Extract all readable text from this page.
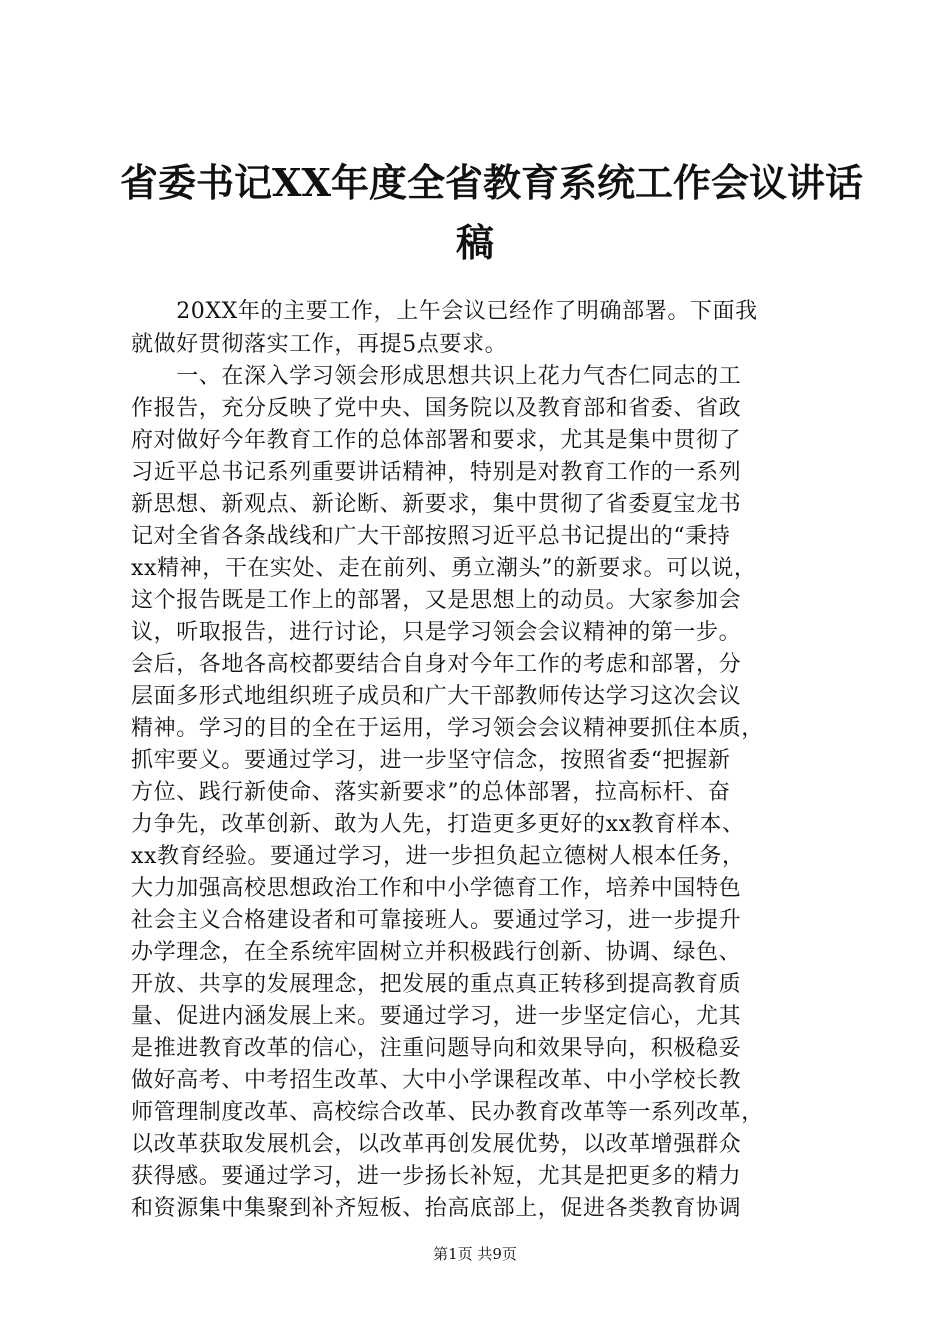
省委书记XX年度全省教育系统工作会议讲话
稿
　　20XX年的主要工作，上午会议已经作了明确部署。下面我
就做好贯彻落实工作，再提5点要求。
　　一、在深入学习领会形成思想共识上花力气杏仁同志的工
作报告，充分反映了党中央、国务院以及教育部和省委、省政
府对做好今年教育工作的总体部署和要求，尤其是集中贯彻了
习近平总书记系列重要讲话精神，特别是对教育工作的一系列
新思想、新观点、新论断、新要求，集中贯彻了省委夏宝龙书
记对全省各条战线和广大干部按照习近平总书记提出的“秉持
xx精神，干在实处、走在前列、勇立潮头”的新要求。可以说，
这个报告既是工作上的部署，又是思想上的动员。大家参加会
议，听取报告，进行讨论，只是学习领会会议精神的第一步。
会后，各地各高校都要结合自身对今年工作的考虑和部署，分
层面多形式地组织班子成员和广大干部教师传达学习这次会议
精神。学习的目的全在于运用，学习领会会议精神要抓住本质，
抓牢要义。要通过学习，进一步坚守信念，按照省委“把握新
方位、践行新使命、落实新要求”的总体部署，拉高标杆、奋
力争先，改革创新、敢为人先，打造更多更好的xx教育样本、
xx教育经验。要通过学习，进一步担负起立德树人根本任务，
大力加强高校思想政治工作和中小学德育工作，培养中国特色
社会主义合格建设者和可靠接班人。要通过学习，进一步提升
办学理念，在全系统牢固树立并积极践行创新、协调、绿色、
开放、共享的发展理念，把发展的重点真正转移到提高教育质
量、促进内涵发展上来。要通过学习，进一步坚定信心，尤其
是推进教育改革的信心，注重问题导向和效果导向，积极稳妥
做好高考、中考招生改革、大中小学课程改革、中小学校长教
师管理制度改革、高校综合改革、民办教育改革等一系列改革，
以改革获取发展机会，以改革再创发展优势，以改革增强群众
获得感。要通过学习，进一步扬长补短，尤其是把更多的精力
和资源集中集聚到补齐短板、抬高底部上，促进各类教育协调
第1页 共9页
